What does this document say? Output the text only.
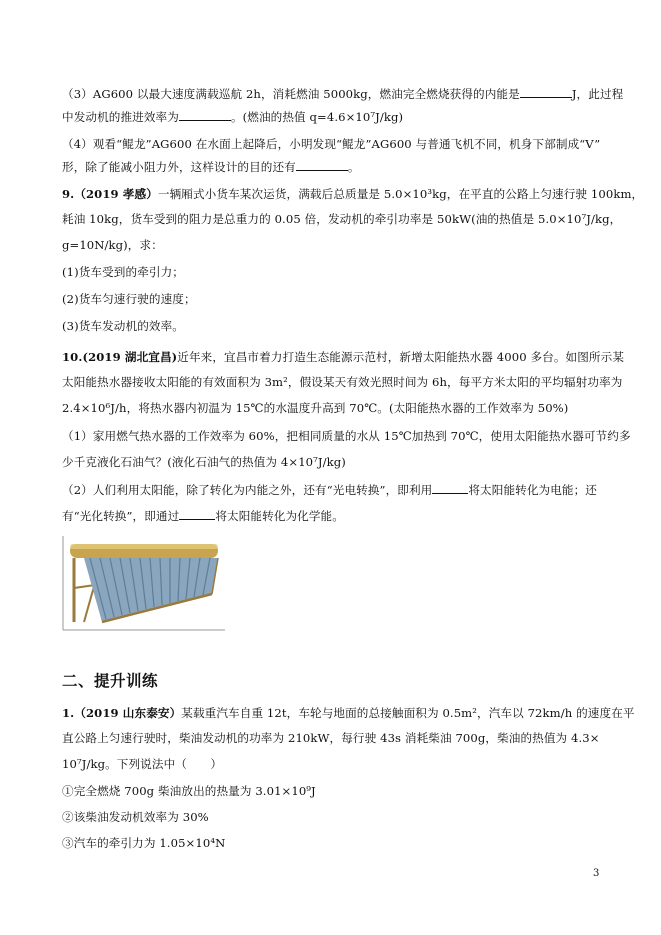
（3）AG600 以最大速度满载巡航 2h，消耗燃油 5000kg，燃油完全燃烧获得的内能是	J，此过程
中发动机的推进效率为	。(燃油的热值 q=4.6×10⁷J/kg)
（4）观看“鲲龙”AG600 在水面上起降后，小明发现“鲲龙”AG600 与普通飞机不同，机身下部制成“V”
形，除了能减小阻力外，这样设计的目的还有	。
9.（2019 孝感）一辆厢式小货车某次运货，满载后总质量是 5.0×10³kg，在平直的公路上匀速行驶 100km，
耗油 10kg，货车受到的阻力是总重力的 0.05 倍，发动机的牵引功率是 50kW(油的热值是 5.0×10⁷J/kg，
g=10N/kg)，求：
(1)货车受到的牵引力；
(2)货车匀速行驶的速度；
(3)货车发动机的效率。
10.(2019 湖北宜昌)近年来，宜昌市着力打造生态能源示范村，新增太阳能热水器 4000 多台。如图所示某
太阳能热水器接收太阳能的有效面积为 3m²，假设某天有效光照时间为 6h，每平方米太阳的平均辐射功率为
2.4×10⁶J/h，将热水器内初温为 15℃的水温度升高到 70℃。(太阳能热水器的工作效率为 50%)
（1）家用燃气热水器的工作效率为 60%，把相同质量的水从 15℃加热到 70℃，使用太阳能热水器可节约多
少千克液化石油气？(液化石油气的热值为 4×10⁷J/kg)
（2）人们利用太阳能，除了转化为内能之外，还有“光电转换”，即利用	将太阳能转化为电能；还
有“光化转换”，即通过	将太阳能转化为化学能。
二、提升训练
1.（2019 山东泰安）某载重汽车自重 12t，车轮与地面的总接触面积为 0.5m²，汽车以 72km/h 的速度在平
直公路上匀速行驶时，柴油发动机的功率为 210kW，每行驶 43s 消耗柴油 700g，柴油的热值为 4.3×
10⁷J/kg。下列说法中（　　）
①完全燃烧 700g 柴油放出的热量为 3.01×10⁹J
②该柴油发动机效率为 30%
③汽车的牵引力为 1.05×10⁴N
3
